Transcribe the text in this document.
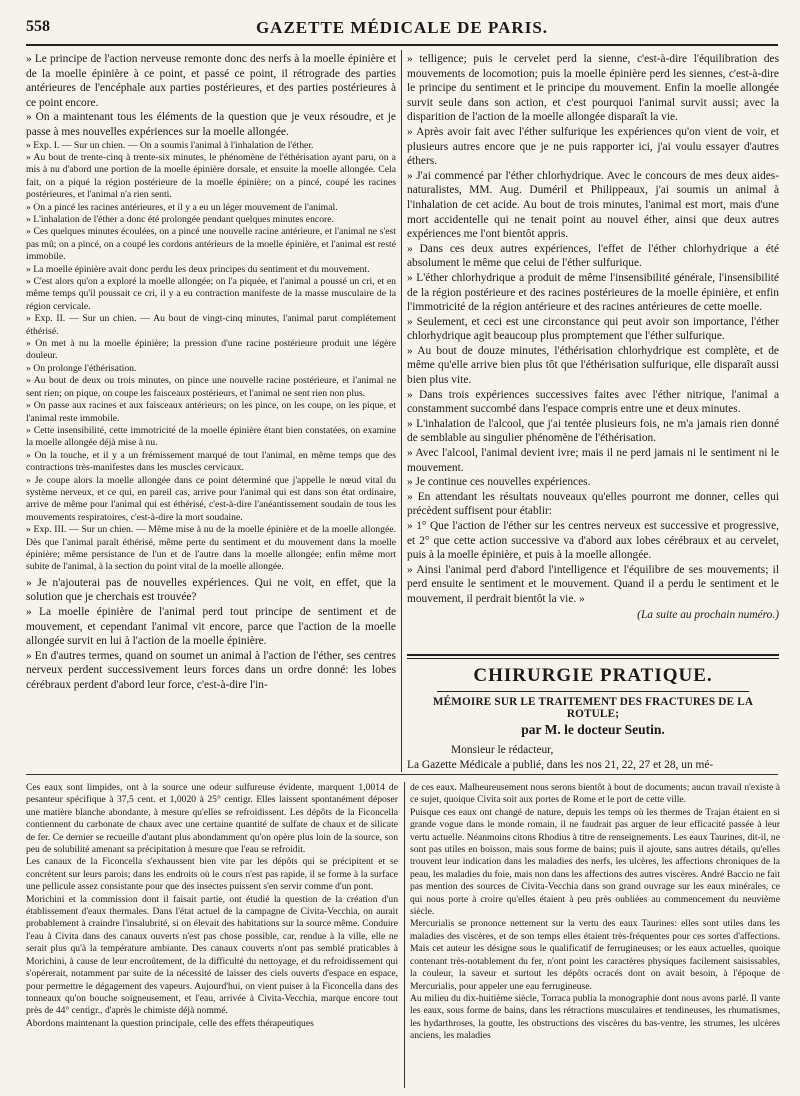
558	GAZETTE MÉDICALE DE PARIS.

» Le principe de l'action nerveuse remonte donc des nerfs à la moelle épinière et de la moelle épinière à ce point, et passé ce point, il rétrograde des parties antérieures de l'encéphale aux parties postérieures, et des parties postérieures à ce point encore.

» On a maintenant tous les éléments de la question que je veux résoudre, et je passe à mes nouvelles expériences sur la moelle allongée.

» Exp. I. — Sur un chien. — On a soumis l'animal à l'inhalation de l'éther.

» Au bout de trente-cinq à trente-six minutes, le phénomène de l'éthérisation ayant paru, on a mis à nu d'abord une portion de la moelle épinière dorsale, et ensuite la moelle allongée. Cela fait, on a piqué la région postérieure de la moelle épinière; on a pincé, coupé les racines postérieures, et l'animal n'a rien senti.

» On a pincé les racines antérieures, et il y a eu un léger mouvement de l'animal.

» L'inhalation de l'éther a donc été prolongée pendant quelques minutes encore.

» Ces quelques minutes écoulées, on a pincé une nouvelle racine antérieure, et l'animal ne s'est pas mû; on a pincé, on a coupé les cordons antérieurs de la moelle épinière, et l'animal est resté immobile.

» La moelle épinière avait donc perdu les deux principes du sentiment et du mouvement.

» C'est alors qu'on a exploré la moelle allongée; on l'a piquée, et l'animal a poussé un cri, et en même temps qu'il poussait ce cri, il y a eu contraction manifeste de la masse musculaire de la région cervicale.

» Exp. II. — Sur un chien. — Au bout de vingt-cinq minutes, l'animal parut complétement éthérisé.

» On met à nu la moelle épinière; la pression d'une racine postérieure produit une légère douleur.

» On prolonge l'éthérisation.

» Au bout de deux ou trois minutes, on pince une nouvelle racine postérieure, et l'animal ne sent rien; on pique, on coupe les faisceaux postérieurs, et l'animal ne sent rien non plus.

» On passe aux racines et aux faisceaux antérieurs; on les pince, on les coupe, on les pique, et l'animal reste immobile.

» Cette insensibilité, cette immotricité de la moelle épinière étant bien constatées, on examine la moelle allongée déjà mise à nu.

» On la touche, et il y a un frémissement marqué de tout l'animal, en même temps que des contractions très-manifestes dans les muscles cervicaux.

» Je coupe alors la moelle allongée dans ce point déterminé que j'appelle le nœud vital du système nerveux, et ce qui, en pareil cas, arrive pour l'animal qui est dans son état ordinaire, arrive de même pour l'animal qui est éthérisé, c'est-à-dire l'anéantissement soudain de tous les mouvements respiratoires, c'est-à-dire la mort soudaine.

» Exp. III. — Sur un chien. — Même mise à nu de la moelle épinière et de la moelle allongée. Dès que l'animal paraît éthérisé, même perte du sentiment et du mouvement dans la moelle épinière; même persistance de l'un et de l'autre dans la moelle allongée; enfin même mort subite de l'animal, à la section du point vital de la moelle allongée.

» Je n'ajouterai pas de nouvelles expériences. Qui ne voit, en effet, que la solution que je cherchais est trouvée?

» La moelle épinière de l'animal perd tout principe de sentiment et de mouvement, et cependant l'animal vit encore, parce que l'action de la moelle allongée survit en lui à l'action de la moelle épinière.

» En d'autres termes, quand on soumet un animal à l'action de l'éther, ses centres nerveux perdent successivement leurs forces dans un ordre donné: les lobes cérébraux perdent d'abord leur force, c'est-à-dire l'in-

» telligence; puis le cervelet perd la sienne, c'est-à-dire l'équilibration des mouvements de locomotion; puis la moelle épinière perd les siennes, c'est-à-dire le principe du sentiment et le principe du mouvement. Enfin la moelle allongée survit seule dans son action, et c'est pourquoi l'animal survit aussi; avec la disparition de l'action de la moelle allongée disparaît la vie.

» Après avoir fait avec l'éther sulfurique les expériences qu'on vient de voir, et plusieurs autres encore que je ne puis rapporter ici, j'ai voulu essayer d'autres éthers.

» J'ai commencé par l'éther chlorhydrique. Avec le concours de mes deux aides-naturalistes, MM. Aug. Duméril et Philippeaux, j'ai soumis un animal à l'inhalation de cet acide. Au bout de trois minutes, l'animal est mort, mais d'une mort accidentelle qui ne tenait point au nouvel éther, ainsi que deux autres expériences me l'ont bientôt appris.

» Dans ces deux autres expériences, l'effet de l'éther chlorhydrique a été absolument le même que celui de l'éther sulfurique.

» L'éther chlorhydrique a produit de même l'insensibilité générale, l'insensibilité de la région postérieure et des racines postérieures de la moelle épinière, et enfin l'immotricité de la région antérieure et des racines antérieures de cette moelle.

» Seulement, et ceci est une circonstance qui peut avoir son importance, l'éther chlorhydrique agit beaucoup plus promptement que l'éther sulfurique.

» Au bout de douze minutes, l'éthérisation chlorhydrique est complète, et de même qu'elle arrive bien plus tôt que l'éthérisation sulfurique, elle disparaît aussi bien plus vite.

» Dans trois expériences successives faites avec l'éther nitrique, l'animal a constamment succombé dans l'espace compris entre une et deux minutes.

» L'inhalation de l'alcool, que j'ai tentée plusieurs fois, ne m'a jamais rien donné de semblable au singulier phénomène de l'éthérisation.

» Avec l'alcool, l'animal devient ivre; mais il ne perd jamais ni le sentiment ni le mouvement.

» Je continue ces nouvelles expériences.

» En attendant les résultats nouveaux qu'elles pourront me donner, celles qui précèdent suffisent pour établir:

» 1° Que l'action de l'éther sur les centres nerveux est successive et progressive, et 2° que cette action successive va d'abord aux lobes cérébraux et au cervelet, puis à la moelle épinière, et puis à la moelle allongée.

» Ainsi l'animal perd d'abord l'intelligence et l'équilibre de ses mouvements; il perd ensuite le sentiment et le mouvement. Quand il a perdu le sentiment et le mouvement, il perdrait bientôt la vie. »

(La suite au prochain numéro.)
CHIRURGIE PRATIQUE.

MÉMOIRE SUR LE TRAITEMENT DES FRACTURES DE LA ROTULE;

par M. le docteur Seutin.

Monsieur le rédacteur,

La Gazette Médicale a publié, dans les nos 21, 22, 27 et 28, un mé-

Ces eaux sont limpides, ont à la source une odeur sulfureuse évidente, marquent 1,0014 de pesanteur spécifique à 37,5 cent. et 1,0020 à 25° centigr. Elles laissent spontanément déposer une matière blanche abondante, à mesure qu'elles se refroidissent. Les dépôts de la Ficoncella contiennent du carbonate de chaux avec une certaine quantité de sulfate de chaux et de silicate de fer. Ce dernier se recueille d'autant plus abondamment qu'on opère plus loin de la source, son peu de solubilité amenant sa précipitation à mesure que l'eau se refroidit.

Les canaux de la Ficoncella s'exhaussent bien vite par les dépôts qui se précipitent et se concrètent sur leurs parois; dans les endroits où le cours n'est pas rapide, il se forme à la surface une pellicule assez consistante pour que des insectes puissent s'en servir comme d'un pont.

Morichini et la commission dont il faisait partie, ont étudié la question de la création d'un établissement d'eaux thermales. Dans l'état actuel de la campagne de Civita-Vecchia, on aurait probablement à craindre l'insalubrité, si on élevait des habitations sur la source même. Conduire l'eau à Civita dans des canaux ouverts n'est pas chose possible, car, rendue à la ville, elle ne serait plus qu'à la température ambiante. Des canaux couverts n'ont pas semblé praticables à Morichini, à cause de leur encroûtement, de la difficulté du nettoyage, et du refroidissement qui s'opérerait, notamment par suite de la nécessité de laisser des ciels ouverts d'espace en espace, pour permettre le dégagement des vapeurs. Aujourd'hui, on vient puiser à la Ficoncella dans des tonneaux qu'on bouche soigneusement, et l'eau, arrivée à Civita-Vecchia, marque encore tout près de 44° centigr., d'après le chimiste déjà nommé.

Abordons maintenant la question principale, celle des effets thérapeutiques

de ces eaux. Malheureusement nous serons bientôt à bout de documents; aucun travail n'existe à ce sujet, quoique Civita soit aux portes de Rome et le port de cette ville.

Puisque ces eaux ont changé de nature, depuis les temps où les thermes de Trajan étaient en si grande vogue dans le monde romain, il ne faudrait pas arguer de leur efficacité passée à leur vertu actuelle. Néanmoins citons Rhodius à titre de renseignements. Les eaux Taurines, dit-il, ne sont pas utiles en boisson, mais sous forme de bains; puis il ajoute, sans autres détails, qu'elles trouvent leur indication dans les maladies des nerfs, les ulcères, les affections chroniques de la peau, les maladies du foie, mais non dans les affections des autres viscères. André Baccio ne fait pas mention des sources de Civita-Vecchia dans son grand ouvrage sur les eaux minérales, ce qui nous porte à croire qu'elles étaient à peu près oubliées au commencement du neuvième siècle.

Mercurialis se prononce nettement sur la vertu des eaux Taurines: elles sont utiles dans les maladies des viscères, et de son temps elles étaient très-fréquentes pour ces sortes d'affections. Mais cet auteur les désigne sous le qualificatif de ferrugineuses; or les eaux actuelles, quoique contenant très-notablement du fer, n'ont point les caractères physiques facilement saisissables, la couleur, la saveur et surtout les dépôts ocracés dont on avait besoin, à l'époque de Mercurialis, pour appeler une eau ferrugineuse.

Au milieu du dix-huitième siècle, Torraca publia la monographie dont nous avons parlé. Il vante les eaux, sous forme de bains, dans les rétractions musculaires et tendineuses, les rhumatismes, les hydarthroses, la goutte, les obstructions des viscères du bas-ventre, les strumes, les ulcères anciens, les maladies
